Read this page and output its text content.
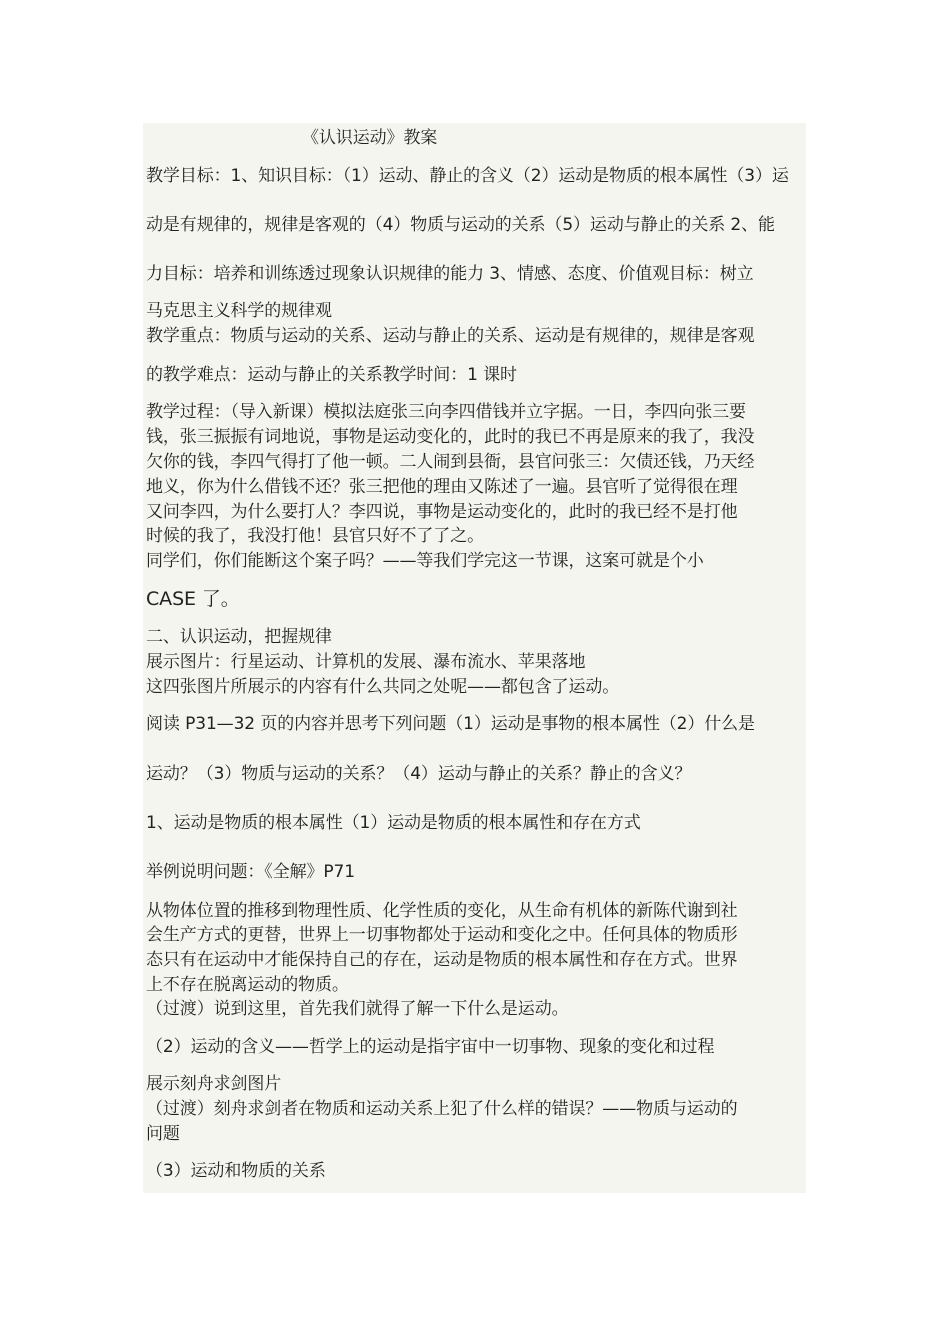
《认识运动》教案
教学目标：1、知识目标：（1）运动、静止的含义（2）运动是物质的根本属性（3）运
动是有规律的，规律是客观的（4）物质与运动的关系（5）运动与静止的关系 2、能
力目标：培养和训练透过现象认识规律的能力 3、情感、态度、价值观目标：树立
马克思主义科学的规律观
教学重点：物质与运动的关系、运动与静止的关系、运动是有规律的，规律是客观
的教学难点：运动与静止的关系教学时间：1 课时
教学过程：（导入新课）模拟法庭张三向李四借钱并立字据。一日，李四向张三要
钱，张三振振有词地说，事物是运动变化的，此时的我已不再是原来的我了，我没
欠你的钱，李四气得打了他一顿。二人闹到县衙，县官问张三：欠债还钱，乃天经
地义，你为什么借钱不还？张三把他的理由又陈述了一遍。县官听了觉得很在理
又问李四，为什么要打人？李四说，事物是运动变化的，此时的我已经不是打他
时候的我了，我没打他！县官只好不了了之。
同学们，你们能断这个案子吗？——等我们学完这一节课，这案可就是个小
CASE 了。
二、认识运动，把握规律
展示图片：行星运动、计算机的发展、瀑布流水、苹果落地
这四张图片所展示的内容有什么共同之处呢——都包含了运动。
阅读 P31—32 页的内容并思考下列问题（1）运动是事物的根本属性（2）什么是
运动？（3）物质与运动的关系？（4）运动与静止的关系？静止的含义？
1、运动是物质的根本属性（1）运动是物质的根本属性和存在方式
举例说明问题：《全解》P71
从物体位置的推移到物理性质、化学性质的变化，从生命有机体的新陈代谢到社
会生产方式的更替，世界上一切事物都处于运动和变化之中。任何具体的物质形
态只有在运动中才能保持自己的存在，运动是物质的根本属性和存在方式。世界
上不存在脱离运动的物质。
（过渡）说到这里，首先我们就得了解一下什么是运动。
（2）运动的含义——哲学上的运动是指宇宙中一切事物、现象的变化和过程
展示刻舟求剑图片
（过渡）刻舟求剑者在物质和运动关系上犯了什么样的错误？——物质与运动的
问题
（3）运动和物质的关系
